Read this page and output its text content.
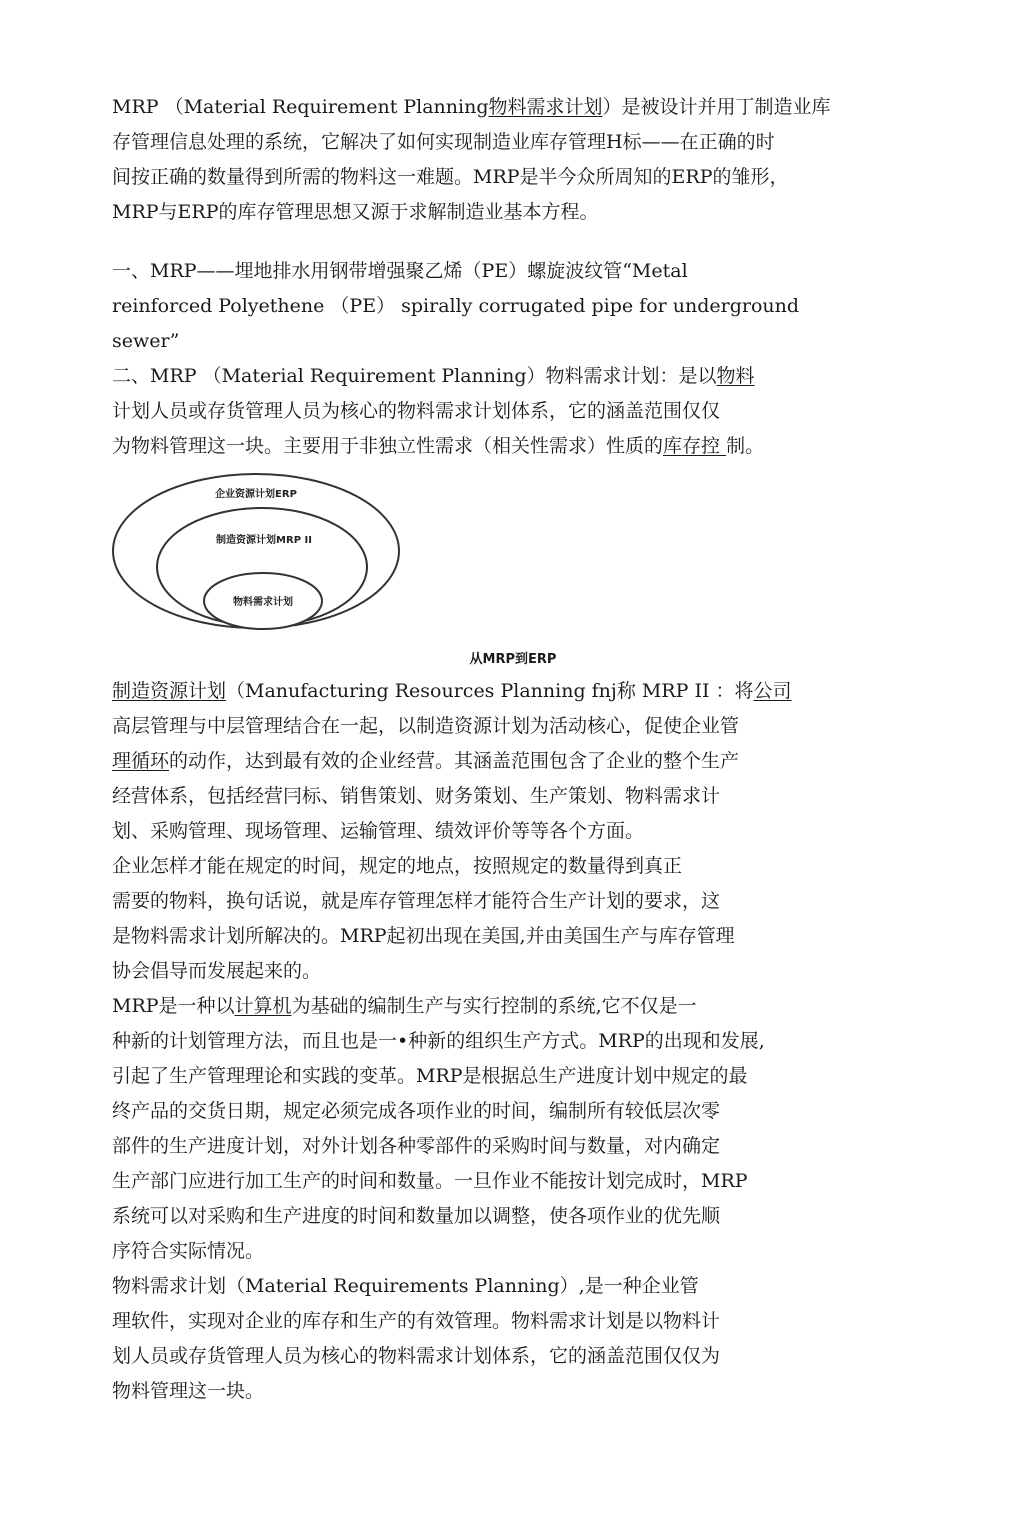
MRP （Material Requirement Planning物料需求计划）是被设计并用丁制造业库
存管理信息处理的系统，它解决了如何实现制造业库存管理H标——在正确的时
间按正确的数量得到所需的物料这一难题。MRP是半今众所周知的ERP的雏形，
MRP与ERP的库存管理思想又源于求解制造业基本方程。
一、MRP——埋地排水用钢带增强聚乙烯（PE）螺旋波纹管“Metal
reinforced Polyethene （PE） spirally corrugated pipe for underground
sewer”
二、MRP （Material Requirement Planning）物料需求计划：是以物料
计划人员或存货管理人员为核心的物料需求计划体系，它的涵盖范围仅仅
为物料管理这一块。主要用于非独立性需求（相关性需求）性质的库存控 制。
企业资源计划ERP
制造资源计划MRP II
物料需求计划
从MRP到ERP
制造资源计划（Manufacturing Resources Planning fnj称 MRP II ：将公司
高层管理与中层管理结合在一起，以制造资源计划为活动核心，促使企业管
理循环的动作，达到最有效的企业经营。其涵盖范围包含了企业的整个生产
经营体系，包括经营冃标、销售策划、财务策划、生产策划、物料需求计
划、采购管理、现场管理、运输管理、绩效评价等等各个方面。
企业怎样才能在规定的时间，规定的地点，按照规定的数量得到真正
需要的物料，换句话说，就是库存管理怎样才能符合生产计划的要求，这
是物料需求计划所解决的。MRP起初出现在美国,并由美国生产与库存管理
协会倡导而发展起来的。
MRP是一种以计算机为基础的编制生产与实行控制的系统,它不仅是一
种新的计划管理方法，而且也是一•种新的组织生产方式。MRP的出现和发展,
引起了生产管理理论和实践的变革。MRP是根据总生产进度计划中规定的最
终产品的交货日期，规定必须完成各项作业的时间，编制所有较低层次零
部件的生产进度计划，对外计划各种零部件的采购时间与数量，对内确定
生产部门应进行加工生产的时间和数量。一旦作业不能按计划完成时，MRP
系统可以对采购和生产进度的时间和数量加以调整，使各项作业的优先顺
序符合实际情况。
物料需求计划（Material Requirements Planning）,是一种企业管
理软件，实现对企业的库存和生产的有效管理。物料需求计划是以物料计
划人员或存货管理人员为核心的物料需求计划体系，它的涵盖范围仅仅为
物料管理这一块。
